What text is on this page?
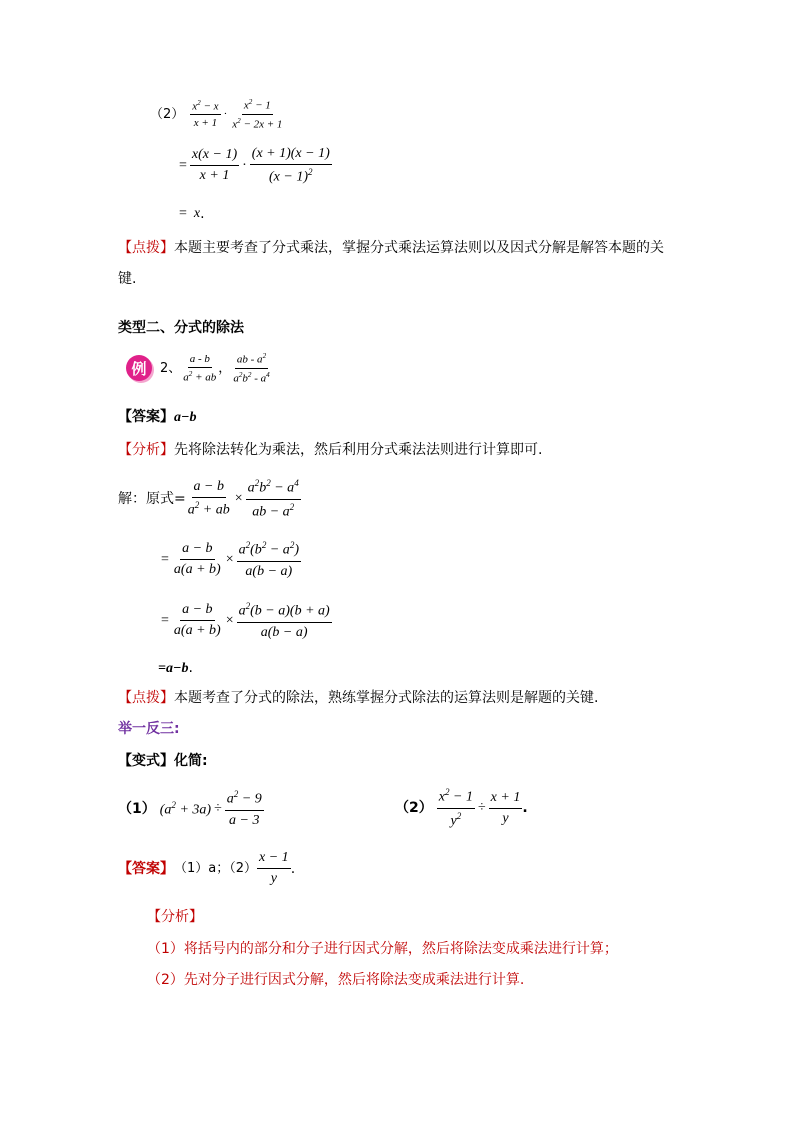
$(2) \frac{x^2 - x}{x + 1} \cdot \frac{x^2 - 1}{x^2 - 2x + 1}$
= $\frac{x(x - 1)}{x + 1} \cdot \frac{(x + 1)(x - 1)}{(x - 1)^2}$
= x .
【点拨】本题主要考查了分式乘法，掌握分式乘法运算法则以及因式分解是解答本题的关
键.
类型二、分式的除法
例	2、 $\frac{a - b}{a^2 + ab}$ ， $\frac{ab - a^2}{a^2b^2 - a^4}$
【答案】a−b
【分析】先将除法转化为乘法，然后利用分式乘法法则进行计算即可.
解：原式= $\frac{a - b}{a^2 + ab} \times \frac{a^2b^2 - a^4}{ab - a^2}$
= $\frac{a - b}{a(a + b)} \times \frac{a^2(b^2 - a^2)}{a(b - a)}$
= $\frac{a - b}{a(a + b)} \times \frac{a^2(b - a)(b + a)}{a(b - a)}$
=a−b.
【点拨】本题考查了分式的除法，熟练掌握分式除法的运算法则是解题的关键.
举一反三:
【变式】化简:
（1） $(a^2 + 3a) \div \frac{a^2 - 9}{a - 3}$	$(2) \frac{x^2 - 1}{y^2} \div \frac{x + 1}{y}$ .
【答案】 （1）a；$(2) \frac{x - 1}{y}$ .
【分析】
（1）将括号内的部分和分子进行因式分解，然后将除法变成乘法进行计算；
（2）先对分子进行因式分解，然后将除法变成乘法进行计算.
